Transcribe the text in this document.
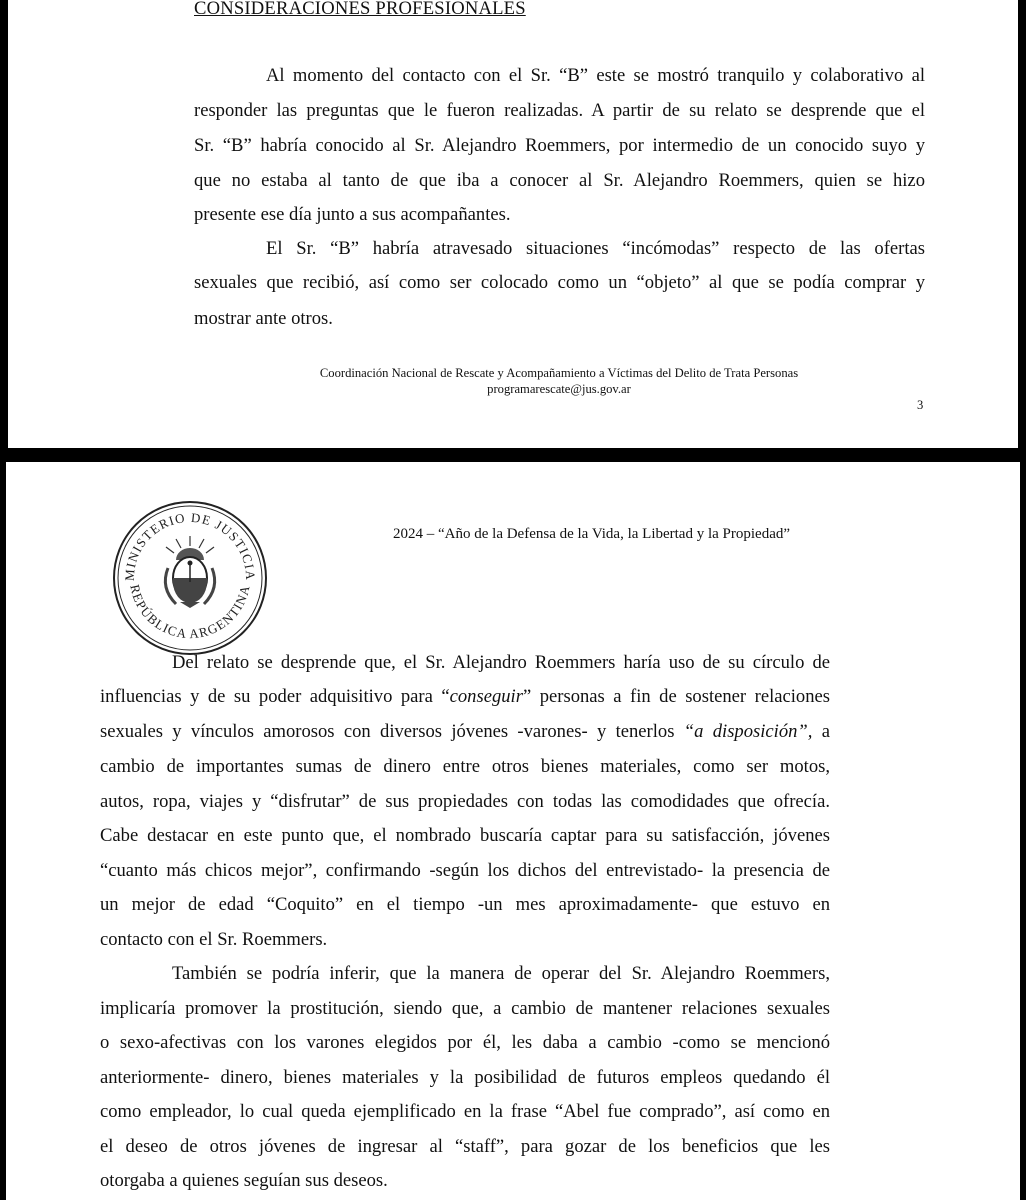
CONSIDERACIONES PROFESIONALES

Al momento del contacto con el Sr. “B” este se mostró tranquilo y colaborativo al

responder las preguntas que le fueron realizadas. A partir de su relato se desprende que el

Sr. “B” habría conocido al Sr. Alejandro Roemmers, por intermedio de un conocido suyo y

que no estaba al tanto de que iba a conocer al Sr. Alejandro Roemmers, quien se hizo

presente ese día junto a sus acompañantes.

El Sr. “B” habría atravesado situaciones “incómodas” respecto de las ofertas

sexuales que recibió, así como ser colocado como un “objeto” al que se podía comprar y

mostrar ante otros.

Coordinación Nacional de Rescate y Acompañamiento a Víctimas del Delito de Trata Personas

programarescate@jus.gov.ar

3

MINISTERIO DE JUSTICIA
REPÚBLICA ARGENTINA

2024 – “Año de la Defensa de la Vida, la Libertad y la Propiedad”

Del relato se desprende que, el Sr. Alejandro Roemmers haría uso de su círculo de

influencias y de su poder adquisitivo para “conseguir” personas a fin de sostener relaciones

sexuales y vínculos amorosos con diversos jóvenes -varones- y tenerlos “a disposición”, a

cambio de importantes sumas de dinero entre otros bienes materiales, como ser motos,

autos, ropa, viajes y “disfrutar” de sus propiedades con todas las comodidades que ofrecía.

Cabe destacar en este punto que, el nombrado buscaría captar para su satisfacción, jóvenes

“cuanto más chicos mejor”, confirmando -según los dichos del entrevistado- la presencia de

un mejor de edad “Coquito” en el tiempo -un mes aproximadamente- que estuvo en

contacto con el Sr. Roemmers.

También se podría inferir, que la manera de operar del Sr. Alejandro Roemmers,

implicaría promover la prostitución, siendo que, a cambio de mantener relaciones sexuales

o sexo-afectivas con los varones elegidos por él, les daba a cambio -como se mencionó

anteriormente- dinero, bienes materiales y la posibilidad de futuros empleos quedando él

como empleador, lo cual queda ejemplificado en la frase “Abel fue comprado”, así como en

el deseo de otros jóvenes de ingresar al “staff”, para gozar de los beneficios que les

otorgaba a quienes seguían sus deseos.
